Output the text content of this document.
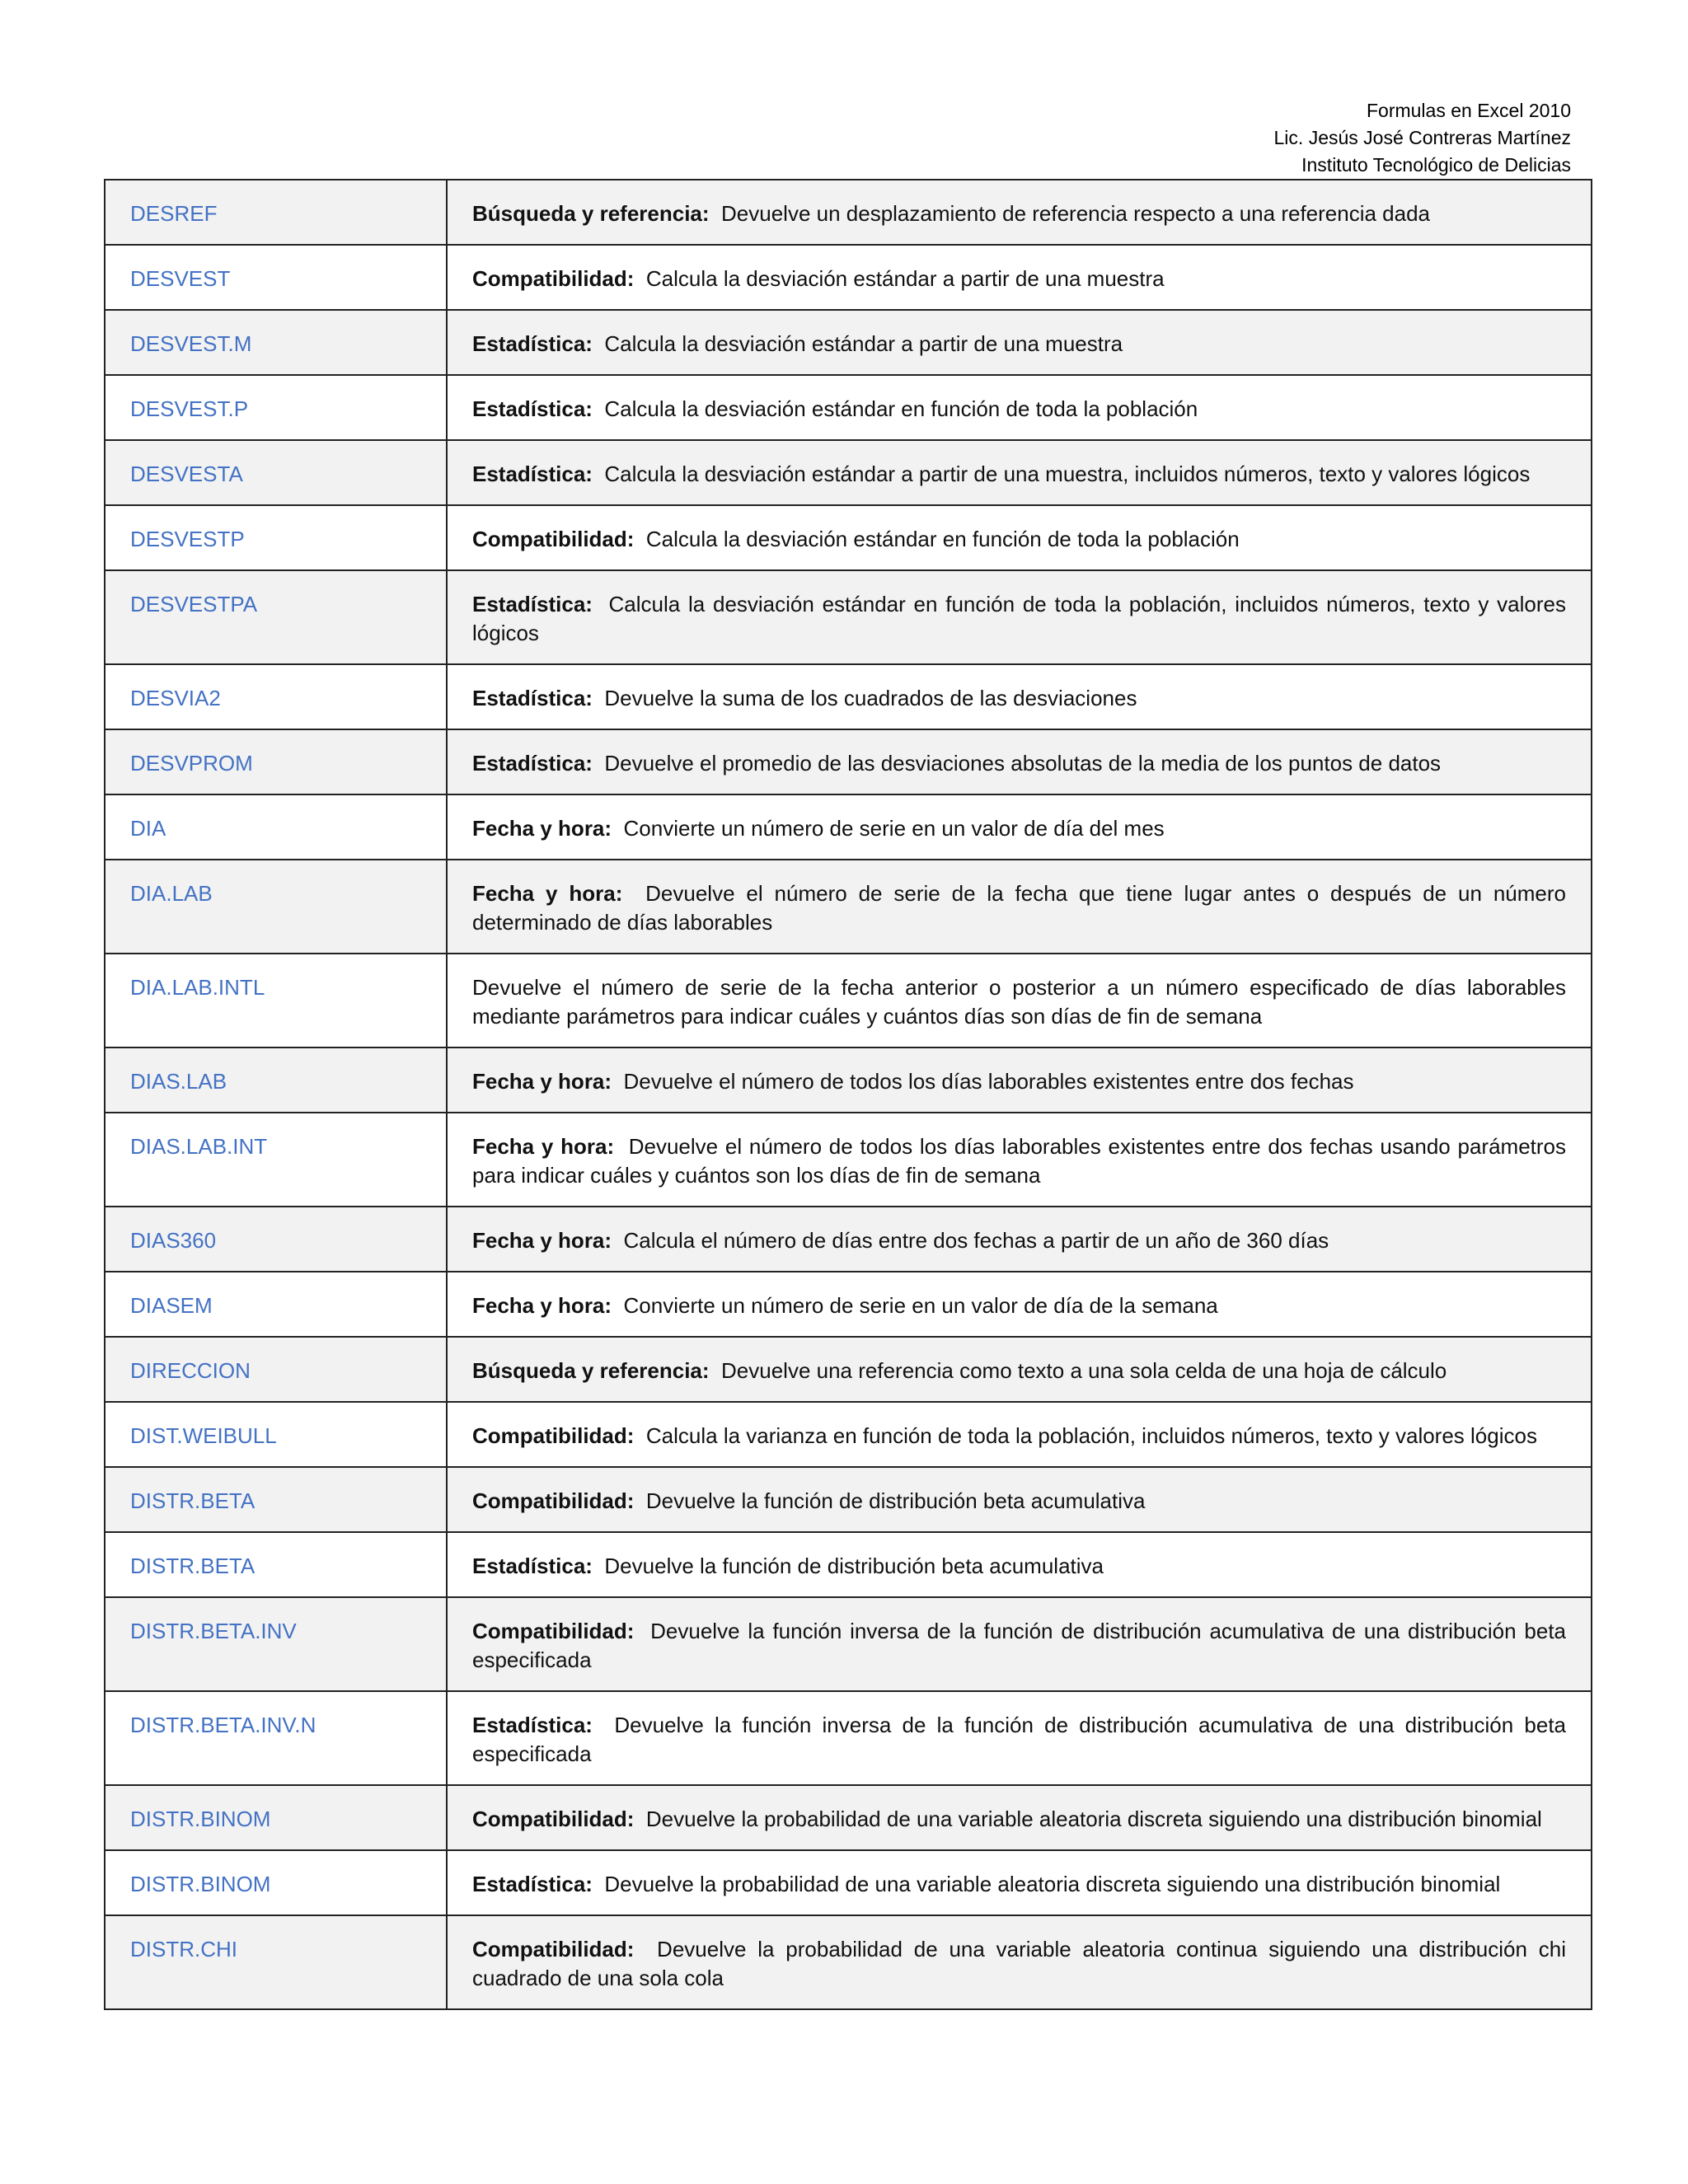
Formulas en Excel 2010
Lic. Jesús José Contreras Martínez
Instituto Tecnológico de Delicias
DESREF	Búsqueda y referencia: Devuelve un desplazamiento de referencia respecto a una referencia dada
DESVEST	Compatibilidad: Calcula la desviación estándar a partir de una muestra
DESVEST.M	Estadística: Calcula la desviación estándar a partir de una muestra
DESVEST.P	Estadística: Calcula la desviación estándar en función de toda la población
DESVESTA	Estadística: Calcula la desviación estándar a partir de una muestra, incluidos números, texto y valores lógicos
DESVESTP	Compatibilidad: Calcula la desviación estándar en función de toda la población
DESVESTPA	Estadística: Calcula la desviación estándar en función de toda la población, incluidos números, texto y valores lógicos
DESVIA2	Estadística: Devuelve la suma de los cuadrados de las desviaciones
DESVPROM	Estadística: Devuelve el promedio de las desviaciones absolutas de la media de los puntos de datos
DIA	Fecha y hora: Convierte un número de serie en un valor de día del mes
DIA.LAB	Fecha y hora: Devuelve el número de serie de la fecha que tiene lugar antes o después de un número determinado de días laborables
DIA.LAB.INTL	Devuelve el número de serie de la fecha anterior o posterior a un número especificado de días laborables mediante parámetros para indicar cuáles y cuántos días son días de fin de semana
DIAS.LAB	Fecha y hora: Devuelve el número de todos los días laborables existentes entre dos fechas
DIAS.LAB.INT	Fecha y hora: Devuelve el número de todos los días laborables existentes entre dos fechas usando parámetros para indicar cuáles y cuántos son los días de fin de semana
DIAS360	Fecha y hora: Calcula el número de días entre dos fechas a partir de un año de 360 días
DIASEM	Fecha y hora: Convierte un número de serie en un valor de día de la semana
DIRECCION	Búsqueda y referencia: Devuelve una referencia como texto a una sola celda de una hoja de cálculo
DIST.WEIBULL	Compatibilidad: Calcula la varianza en función de toda la población, incluidos números, texto y valores lógicos
DISTR.BETA	Compatibilidad: Devuelve la función de distribución beta acumulativa
DISTR.BETA	Estadística: Devuelve la función de distribución beta acumulativa
DISTR.BETA.INV	Compatibilidad: Devuelve la función inversa de la función de distribución acumulativa de una distribución beta especificada
DISTR.BETA.INV.N	Estadística: Devuelve la función inversa de la función de distribución acumulativa de una distribución beta especificada
DISTR.BINOM	Compatibilidad: Devuelve la probabilidad de una variable aleatoria discreta siguiendo una distribución binomial
DISTR.BINOM	Estadística: Devuelve la probabilidad de una variable aleatoria discreta siguiendo una distribución binomial
DISTR.CHI	Compatibilidad: Devuelve la probabilidad de una variable aleatoria continua siguiendo una distribución chi cuadrado de una sola cola
